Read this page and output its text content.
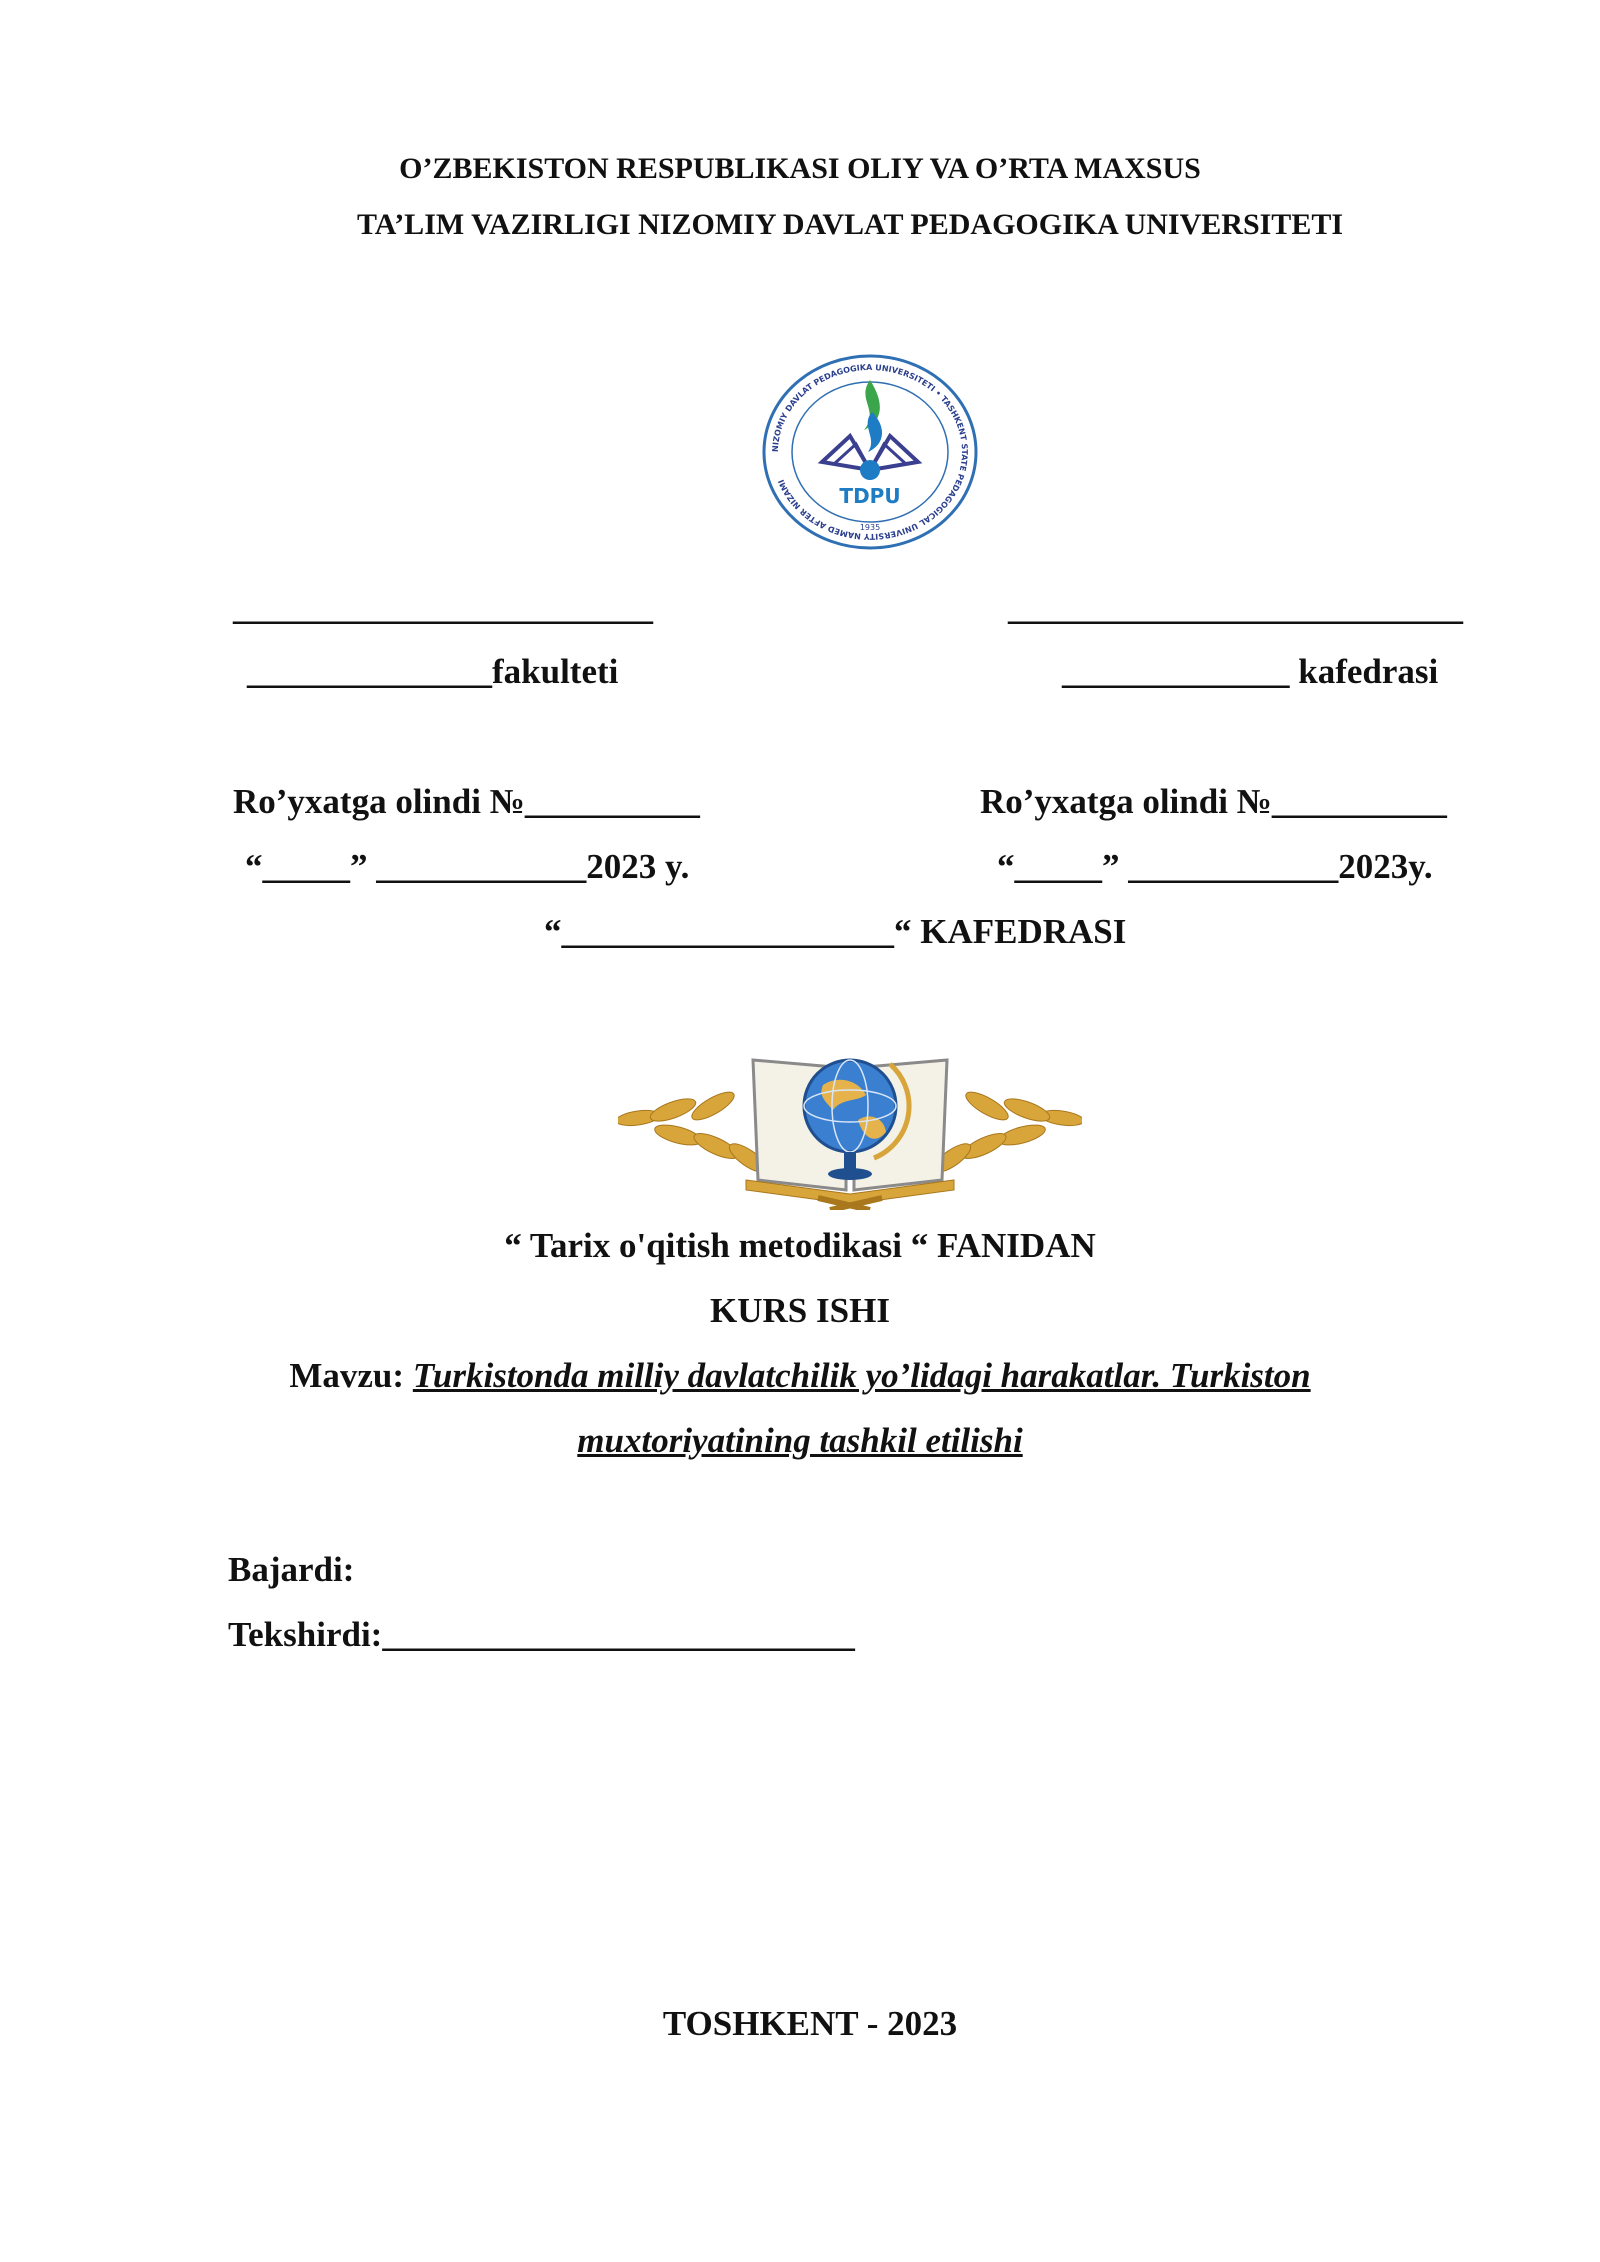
O’ZBEKISTON RESPUBLIKASI OLIY VA O’RTA MAXSUS
TA’LIM VAZIRLIGI NIZOMIY DAVLAT PEDAGOGIKA UNIVERSITETI
NIZOMIY DAVLAT PEDAGOGIKA UNIVERSITETI • TASHKENT STATE PEDAGOGICAL UNIVERSITY NAMED AFTER NIZAMI
TDPU
1935
________________________	__________________________
______________fakulteti	_____________ kafedrasi
Ro’yxatga olindi №__________	Ro’yxatga olindi №__________
“_____” ____________2023 y.	“_____” ____________2023y.
“___________________“ KAFEDRASI
“ Tarix o'qitish metodikasi “ FANIDAN
KURS ISHI
Mavzu: Turkistonda milliy davlatchilik yo’lidagi harakatlar. Turkiston
muxtoriyatining tashkil etilishi
Bajardi:
Tekshirdi:___________________________
TOSHKENT - 2023
